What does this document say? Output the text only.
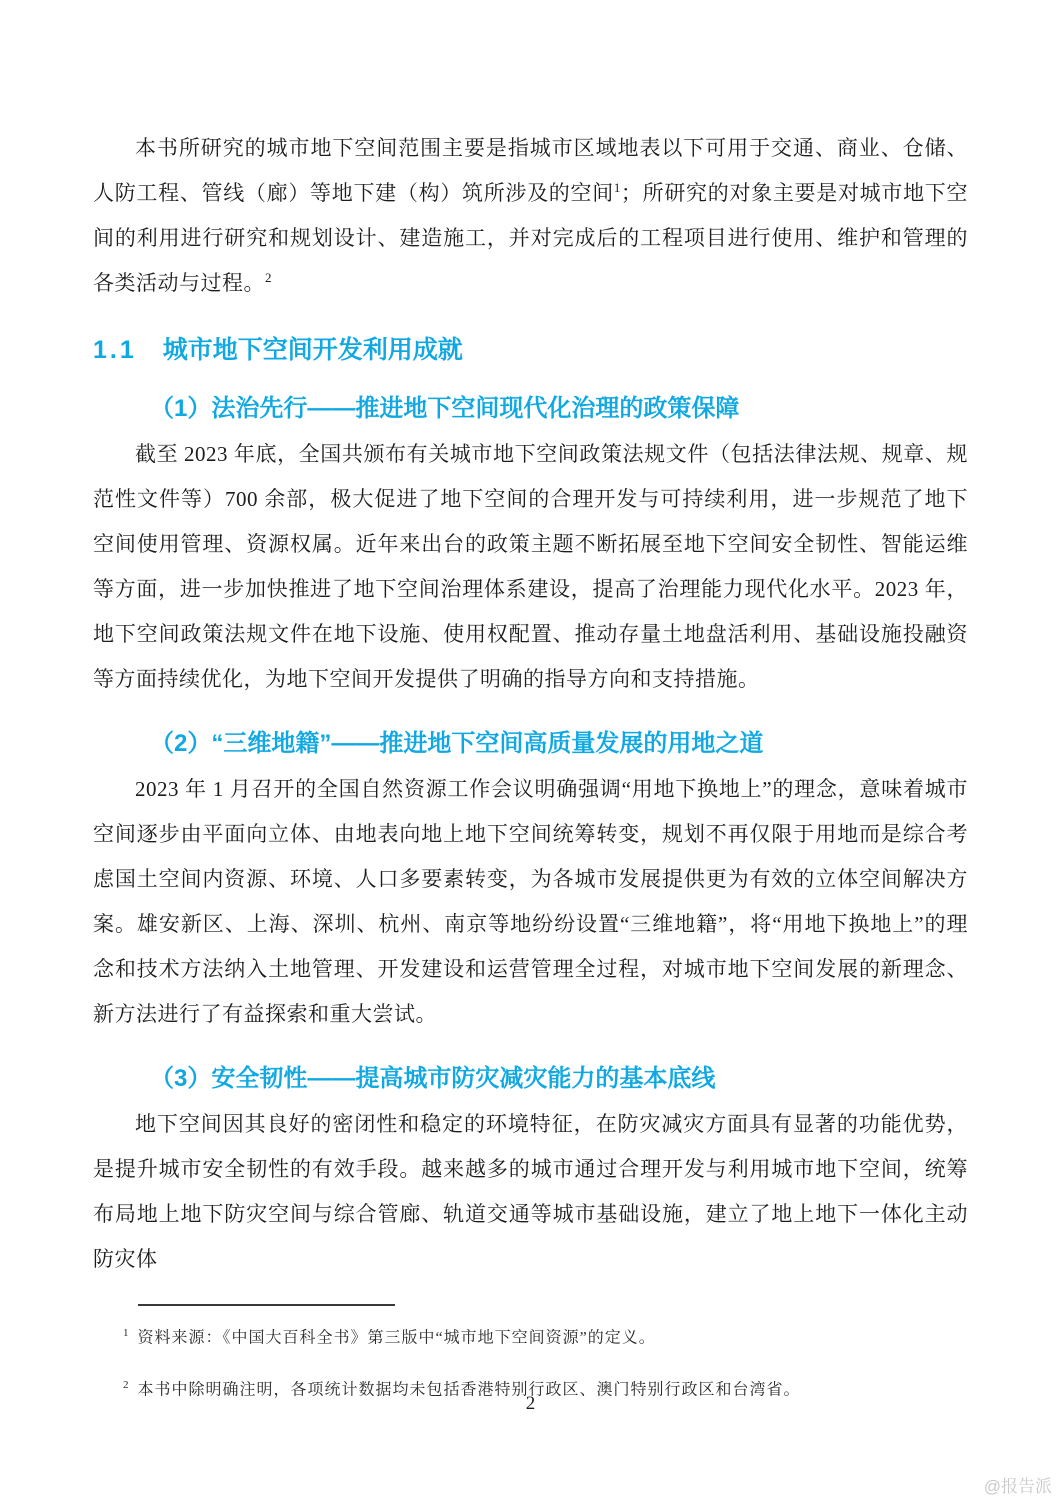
本书所研究的城市地下空间范围主要是指城市区域地表以下可用于交通、商业、仓储、人防工程、管线（廊）等地下建（构）筑所涉及的空间$^1$；所研究的对象主要是对城市地下空间的利用进行研究和规划设计、建造施工，并对完成后的工程项目进行使用、维护和管理的各类活动与过程。$^2$

1.1 城市地下空间开发利用成就
（1）法治先行——推进地下空间现代化治理的政策保障

截至 2023 年底，全国共颁布有关城市地下空间政策法规文件（包括法律法规、规章、规范性文件等）700 余部，极大促进了地下空间的合理开发与可持续利用，进一步规范了地下空间使用管理、资源权属。近年来出台的政策主题不断拓展至地下空间安全韧性、智能运维等方面，进一步加快推进了地下空间治理体系建设，提高了治理能力现代化水平。2023 年，地下空间政策法规文件在地下设施、使用权配置、推动存量土地盘活利用、基础设施投融资等方面持续优化，为地下空间开发提供了明确的指导方向和支持措施。

（2）“三维地籍”——推进地下空间高质量发展的用地之道

2023 年 1 月召开的全国自然资源工作会议明确强调“用地下换地上”的理念，意味着城市空间逐步由平面向立体、由地表向地上地下空间统筹转变，规划不再仅限于用地而是综合考虑国土空间内资源、环境、人口多要素转变，为各城市发展提供更为有效的立体空间解决方案。雄安新区、上海、深圳、杭州、南京等地纷纷设置“三维地籍”，将“用地下换地上”的理念和技术方法纳入土地管理、开发建设和运营管理全过程，对城市地下空间发展的新理念、新方法进行了有益探索和重大尝试。

（3）安全韧性——提高城市防灾减灾能力的基本底线

地下空间因其良好的密闭性和稳定的环境特征，在防灾减灾方面具有显著的功能优势，是提升城市安全韧性的有效手段。越来越多的城市通过合理开发与利用城市地下空间，统筹布局地上地下防灾空间与综合管廊、轨道交通等城市基础设施，建立了地上地下一体化主动防灾体

$^1$ 资料来源：《中国大百科全书》第三版中“城市地下空间资源”的定义。
$^2$ 本书中除明确注明，各项统计数据均未包括香港特别行政区、澳门特别行政区和台湾省。
2
@报告派
